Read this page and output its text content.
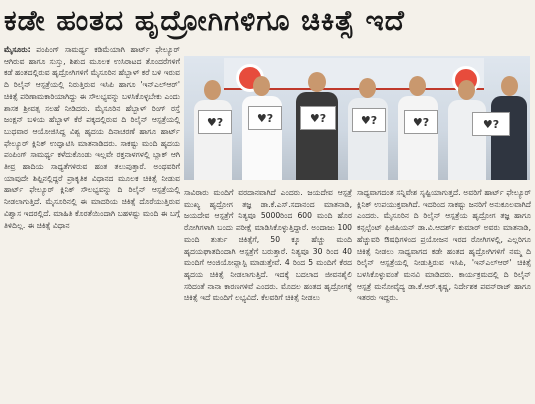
ಕಡೇ ಹಂತದ ಹೃದ್ರೋಗಿಗಳಿಗೂ ಚಿಕಿತ್ಸೆ ಇದೆ

ಮೈಸೂರು: ಪಂಪಿಂಗ್ ಸಾಮರ್ಥ್ಯ ಕಡಿಮೆಯಾಗಿ ಹಾರ್ಟ್ ಫೇಲ್ಯೂರ್ ಆಗಿರುವ ಹಾಗೂ ಸುಸ್ತು, ಶಿಶುದ ಮೂಲಕ ಉಸಿರಾಟದ ತೊಂದರೆಗಳಿಗೆ ಕಡೆ ಹಂತದಲ್ಲಿರುವ ಹೃದ್ರೋಗಿಗಳಿಗೆ ಮೈಸೂರಿನ ಹೆಬ್ಬಾಳ್ ಕರೆ ಬಳಿ ಇರುವ ದಿ ರಿಲೈನ್ ಆಸ್ಪತ್ರೆಯಲ್ಲಿ ನಿರುತ್ತಿರುವ ಇಸಿಪಿ ಹಾಗೂ 'ಇನ್‌ಎಲ್‌ಆರ್' ಚಿಕಿತ್ಸೆ ಪರಿಣಾಮಕಾರಿಯಾಗಿದ್ದು ಈ ಸೌಲಭ್ಯವನ್ನು ಬಳಸಿಕೊಳ್ಳಬೇಕು ಎಂದು ಶಾಸಕ ಶ್ರೀವತ್ಸ ಸಲಹೆ ನೀಡಿದರು. ಮೈಸೂರಿನ ಹೆಬ್ಬಾಳ್ ರಿಂಗ್ ರಸ್ತೆ ಜಂಕ್ಷನ್ ಬಳಿಯ ಹೆಬ್ಬಾಳ್ ಕೆರೆ ಪಕ್ಕದಲ್ಲಿರುವ ದಿ ರಿಲೈನ್ ಆಸ್ಪತ್ರೆಯಲ್ಲಿ ಬುಧವಾರ ಆಯೋಜಿಸಿದ್ದ ವಿಶ್ವ ಹೃದಯ ದಿನಾಚರಣೆ ಹಾಗೂ ಹಾರ್ಟ್ ಫೇಲ್ಯೂರ್ ಕ್ಲಿನಿಕ್ ಉದ್ಘಾಟಿಸಿ ಮಾತನಾಡಿದರು. ಸಾಕಷ್ಟು ಮಂದಿ ಹೃದಯ ಪಂಪಿಂಗ್ ಸಾಮರ್ಥ್ಯ ಕಳೆದುಕೊಂಡು ಇಲ್ಲವೇ ರಕ್ತನಾಳಗಳಲ್ಲಿ ಬ್ಲಾಕ್ ಆಗಿ ತೀವ್ರ ಹಾದಿಯ ಸಾಧ್ಯತೆಗಳಿರುವ ಹಂತ ತಲುಪುತ್ತಾರೆ. ಅಂಥವರಿಗೆ ಯಾವುದೇ ಶಿಫ್ಟಿನಲ್ಲಿದ್ದರೆ ಪ್ರಾಕೃತಿಕ ವಿಧಾನದ ಮೂಲಕ ಚಿಕಿತ್ಸೆ ನೀಡುವ ಹಾರ್ಟ್ ಫೇಲ್ಯೂರ್ ಕ್ಲಿನಿಕ್ ಸೌಲಭ್ಯವನ್ನು ದಿ ರಿಲೈನ್ ಆಸ್ಪತ್ರೆಯಲ್ಲಿ ನೀಡಲಾಗುತ್ತಿದೆ. ಮೈಸೂರಿನಲ್ಲಿ ಈ ಮಾದರಿಯ ಚಿಕಿತ್ಸೆ ದೊರೆಯುತ್ತಿರುವ ವಿಶ್ವಾಸ ಇದರಲ್ಲಿದೆ. ಮಾಹಿತಿ ಕೊರತೆಯಿಂದಾಗಿ ಬಹಳಷ್ಟು ಮಂದಿ ಈ ಬಗ್ಗೆ ತಿಳಿದಿಲ್ಲ. ಈ ಚಿಕಿತ್ಸೆ ವಿಧಾನ

♥?	♥?	♥?	♥?	♥?	♥?

ಸಾವಿರಾರು ಮಂದಿಗೆ ವರದಾನವಾಗಿದೆ ಎಂದರು. ಜಯದೇವ ಆಸ್ಪತ್ರೆ ಮುಖ್ಯ ಹೃದ್ರೋಗ ತಜ್ಞ ಡಾ.ಕೆ.ಎಸ್.ಸದಾನಂದ ಮಾತನಾಡಿ, ಜಯದೇವ ಆಸ್ಪತ್ರೆಗೆ ನಿತ್ಯವೂ 5000ರಿಂದ 600 ಮಂದಿ ಹೊರ ರೋಗಿಗಳಾಗಿ ಬಂದು ಪರೀಕ್ಷೆ ಮಾಡಿಸಿಕೊಳ್ಳುತ್ತಿದ್ದಾರೆ. ಅಂದಾಜು 100 ಮಂದಿ ತುರ್ತು ಚಿಕಿತ್ಸೆಗೆ, 50 ಕ್ಕೂ ಹೆಚ್ಚು ಮಂದಿ ಹೃದಯಘಾತದಿಂದಾಗಿ ಆಸ್ಪತ್ರೆಗೆ ಬರುತ್ತಾರೆ. ನಿತ್ಯವೂ 30 ರಿಂದ 40 ಮಂದಿಗೆ ಆಂಜಿಯೋಪ್ಲಾಸ್ಟಿ ಮಾಡುತ್ತೇವೆ. 4 ರಿಂದ 5 ಮಂದಿಗೆ ಕೆರದ ಹೃದಯ ಚಿಕಿತ್ಸೆ ನೀಡಲಾಗುತ್ತಿದೆ. ಇದಕ್ಕೆ ಬದಲಾದ ಜೀವನಶೈಲಿ ಸರಿದಂತೆ ನಾನಾ ಕಾರಣಗಳಿವೆ ಎಂದರು. ಮೊದಲ ಹಂತದ ಹೃದ್ರೋಗಕ್ಕೆ ಚಿಕಿತ್ಸೆ ಇದೆ ಮಂದಿಗೆ ಲಭ್ಯವಿದೆ. ಕೆಲವರಿಗೆ ಚಿಕಿತ್ಸೆ ನೀಡಲು

ಸಾಧ್ಯವಾಗದಂತ ಸನ್ನಿವೇಶ ಸೃಷ್ಟಿಯಾಗುತ್ತದೆ. ಅವರಿಗೆ ಹಾರ್ಟ್ ಫೇಲ್ಯೂರ್ ಕ್ಲಿನಿಕ್ ಉಪಯುಕ್ತವಾಗಿದೆ. ಇದರಿಂದ ಸಾಕಷ್ಟು ಜನರಿಗೆ ಅನುಕೂಲವಾಗಿದೆ ಎಂದರು. ಮೈಸೂರಿನ ದಿ ರಿಲೈನ್ ಆಸ್ಪತ್ರೆಯ ಹೃದ್ರೋಗ ತಜ್ಞ ಹಾಗೂ ಕನ್ಸಲ್ಟೆಂಟ್ ಫಿಜಿಷಿಯನ್ ಡಾ.ವಿ.ಆದರ್ಶ್ ಕುಮಾರ್ ಅವರು ಮಾತನಾಡಿ, ಹೆಚ್ಚುವರಿ ಔಷಧಿಗಳಿಂದ ಪ್ರಯೋಜನ ಇರದ ರೋಗಿಗಳಲ್ಲಿ, ಎಲ್ಲರಿಗೂ ಚಿಕಿತ್ಸೆ ನೀಡಲು ಸಾಧ್ಯವಾಗದ ಕಡೇ ಹಂತದ ಹೃದ್ರೋಗಿಗಳಿಗೆ ನಮ್ಮ ದಿ ರಿಲೈನ್ ಆಸ್ಪತ್ರೆಯಲ್ಲಿ ನೀಡುತ್ತಿರುವ ಇಸಿಪಿ, 'ಇನ್‌ಎಲ್‌ಆರ್' ಚಿಕಿತ್ಸೆ ಬಳಸಿಕೊಳ್ಳುವಂತೆ ಮನವಿ ಮಾಡಿದರು. ಕಾರ್ಯಕ್ರಮದಲ್ಲಿ ದಿ ರಿಲೈನ್ ಆಸ್ಪತ್ರೆ ಮನೋವೈದ್ಯ ಡಾ.ಕೆ.ಆರ್.ಕೃಷ್ಣ, ನಿರ್ದೇಶಕ ಪವನ್‌ರಾಜ್ ಹಾಗೂ ಇತರರು ಇದ್ದರು.
